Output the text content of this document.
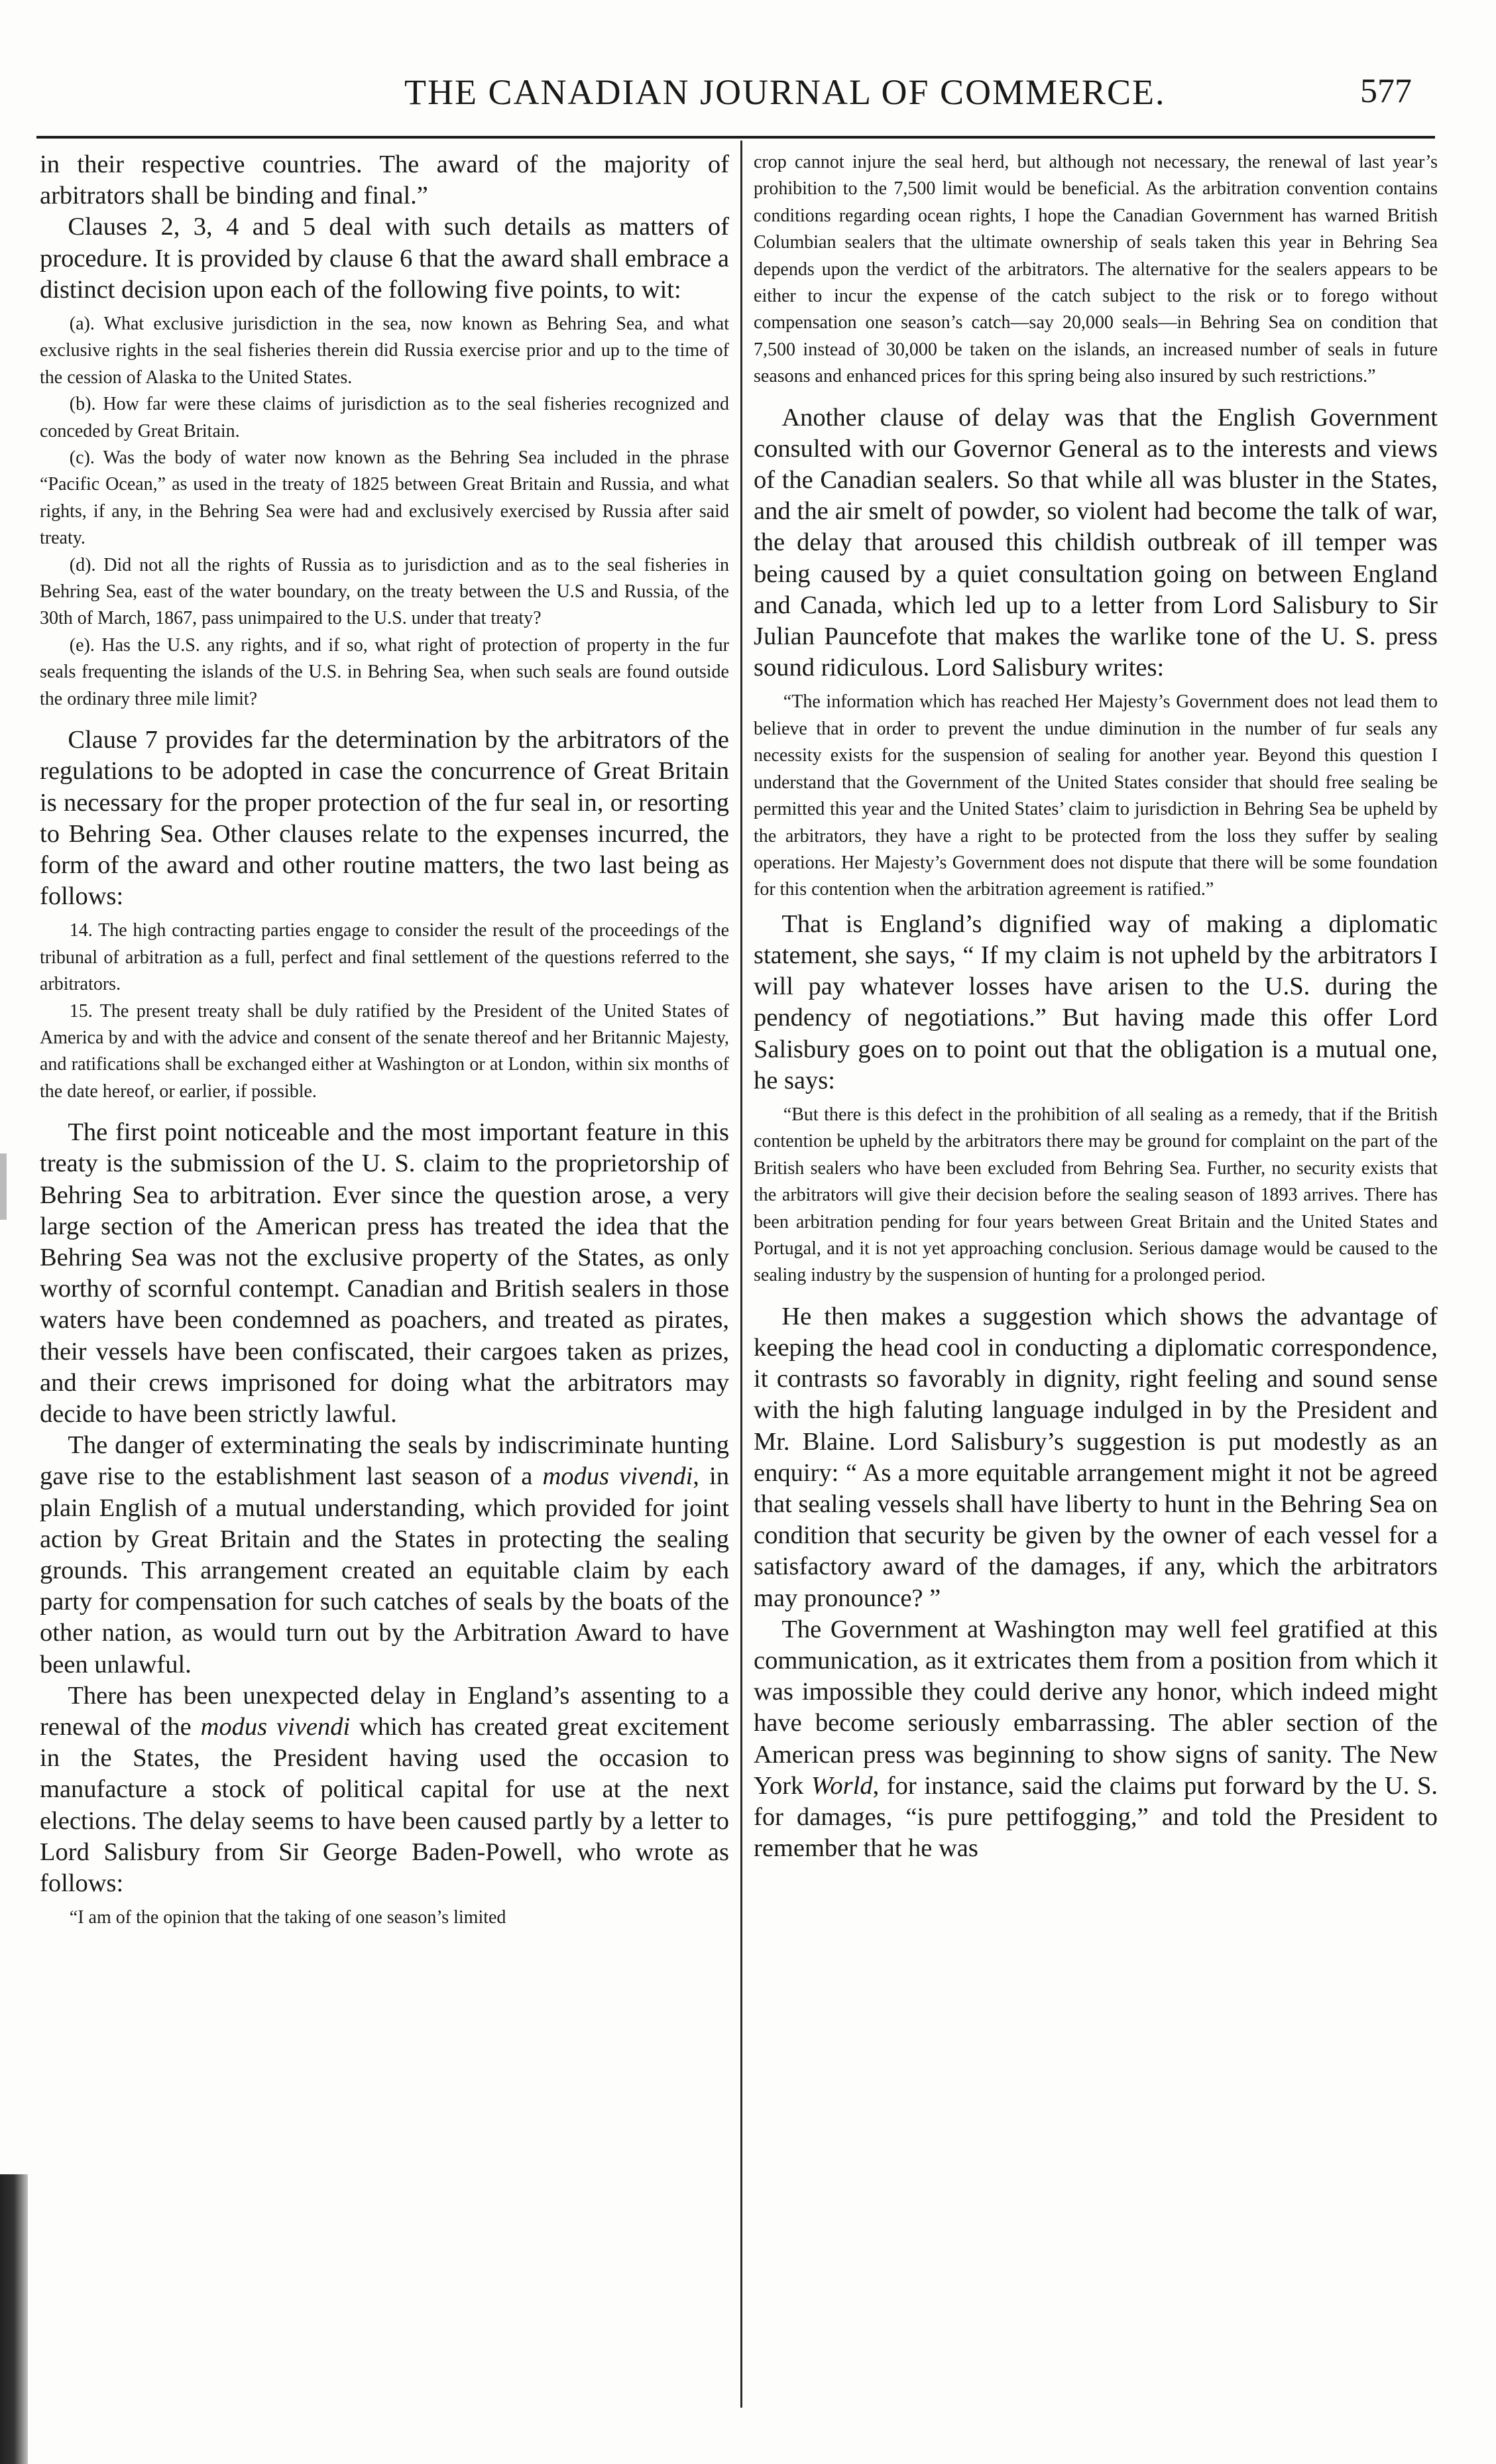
THE CANADIAN JOURNAL OF COMMERCE.	577

in their respective countries. The award of the majority of arbitrators shall be binding and final.”

Clauses 2, 3, 4 and 5 deal with such details as matters of procedure. It is provided by clause 6 that the award shall embrace a distinct decision upon each of the following five points, to wit:

(a). What exclusive jurisdiction in the sea, now known as Behring Sea, and what exclusive rights in the seal fisheries therein did Russia exercise prior and up to the time of the cession of Alaska to the United States.

(b). How far were these claims of jurisdiction as to the seal fisheries recognized and conceded by Great Britain.

(c). Was the body of water now known as the Behring Sea included in the phrase “Pacific Ocean,” as used in the treaty of 1825 between Great Britain and Russia, and what rights, if any, in the Behring Sea were had and exclusively exercised by Russia after said treaty.

(d). Did not all the rights of Russia as to jurisdiction and as to the seal fisheries in Behring Sea, east of the water boundary, on the treaty between the U.S and Russia, of the 30th of March, 1867, pass unimpaired to the U.S. under that treaty?

(e). Has the U.S. any rights, and if so, what right of protection of property in the fur seals frequenting the islands of the U.S. in Behring Sea, when such seals are found outside the ordinary three mile limit?

Clause 7 provides far the determination by the arbitrators of the regulations to be adopted in case the concurrence of Great Britain is necessary for the proper protection of the fur seal in, or resorting to Behring Sea. Other clauses relate to the expenses incurred, the form of the award and other routine matters, the two last being as follows:

14. The high contracting parties engage to consider the result of the proceedings of the tribunal of arbitration as a full, perfect and final settlement of the questions referred to the arbitrators.

15. The present treaty shall be duly ratified by the President of the United States of America by and with the advice and consent of the senate thereof and her Britannic Majesty, and ratifications shall be exchanged either at Washington or at London, within six months of the date hereof, or earlier, if possible.

The first point noticeable and the most important feature in this treaty is the submission of the U. S. claim to the proprietorship of Behring Sea to arbitration. Ever since the question arose, a very large section of the American press has treated the idea that the Behring Sea was not the exclusive property of the States, as only worthy of scornful contempt. Canadian and British sealers in those waters have been condemned as poachers, and treated as pirates, their vessels have been confiscated, their cargoes taken as prizes, and their crews imprisoned for doing what the arbitrators may decide to have been strictly lawful.

The danger of exterminating the seals by indiscriminate hunting gave rise to the establishment last season of a modus vivendi, in plain English of a mutual understanding, which provided for joint action by Great Britain and the States in protecting the sealing grounds. This arrangement created an equitable claim by each party for compensation for such catches of seals by the boats of the other nation, as would turn out by the Arbitration Award to have been unlawful.

There has been unexpected delay in England’s assenting to a renewal of the modus vivendi which has created great excitement in the States, the President having used the occasion to manufacture a stock of political capital for use at the next elections. The delay seems to have been caused partly by a letter to Lord Salisbury from Sir George Baden-Powell, who wrote as follows:

“I am of the opinion that the taking of one season’s limited

crop cannot injure the seal herd, but although not necessary, the renewal of last year’s prohibition to the 7,500 limit would be beneficial. As the arbitration convention contains conditions regarding ocean rights, I hope the Canadian Government has warned British Columbian sealers that the ultimate ownership of seals taken this year in Behring Sea depends upon the verdict of the arbitrators. The alternative for the sealers appears to be either to incur the expense of the catch subject to the risk or to forego without compensation one season’s catch—say 20,000 seals—in Behring Sea on condition that 7,500 instead of 30,000 be taken on the islands, an increased number of seals in future seasons and enhanced prices for this spring being also insured by such restrictions.”

Another clause of delay was that the English Government consulted with our Governor General as to the interests and views of the Canadian sealers. So that while all was bluster in the States, and the air smelt of powder, so violent had become the talk of war, the delay that aroused this childish outbreak of ill temper was being caused by a quiet consultation going on between England and Canada, which led up to a letter from Lord Salisbury to Sir Julian Pauncefote that makes the warlike tone of the U. S. press sound ridiculous. Lord Salisbury writes:

“The information which has reached Her Majesty’s Government does not lead them to believe that in order to prevent the undue diminution in the number of fur seals any necessity exists for the suspension of sealing for another year. Beyond this question I understand that the Government of the United States consider that should free sealing be permitted this year and the United States’ claim to jurisdiction in Behring Sea be upheld by the arbitrators, they have a right to be protected from the loss they suffer by sealing operations. Her Majesty’s Government does not dispute that there will be some foundation for this contention when the arbitration agreement is ratified.”

That is England’s dignified way of making a diplomatic statement, she says, “ If my claim is not upheld by the arbitrators I will pay whatever losses have arisen to the U.S. during the pendency of negotiations.” But having made this offer Lord Salisbury goes on to point out that the obligation is a mutual one, he says:

“But there is this defect in the prohibition of all sealing as a remedy, that if the British contention be upheld by the arbitrators there may be ground for complaint on the part of the British sealers who have been excluded from Behring Sea. Further, no security exists that the arbitrators will give their decision before the sealing season of 1893 arrives. There has been arbitration pending for four years between Great Britain and the United States and Portugal, and it is not yet approaching conclusion. Serious damage would be caused to the sealing industry by the suspension of hunting for a prolonged period.

He then makes a suggestion which shows the advantage of keeping the head cool in conducting a diplomatic correspondence, it contrasts so favorably in dignity, right feeling and sound sense with the high faluting language indulged in by the President and Mr. Blaine. Lord Salisbury’s suggestion is put modestly as an enquiry: “ As a more equitable arrangement might it not be agreed that sealing vessels shall have liberty to hunt in the Behring Sea on condition that security be given by the owner of each vessel for a satisfactory award of the damages, if any, which the arbitrators may pronounce? ”

The Government at Washington may well feel gratified at this communication, as it extricates them from a position from which it was impossible they could derive any honor, which indeed might have become seriously embarrassing. The abler section of the American press was beginning to show signs of sanity. The New York World, for instance, said the claims put forward by the U. S. for damages, “is pure pettifogging,” and told the President to remember that he was
